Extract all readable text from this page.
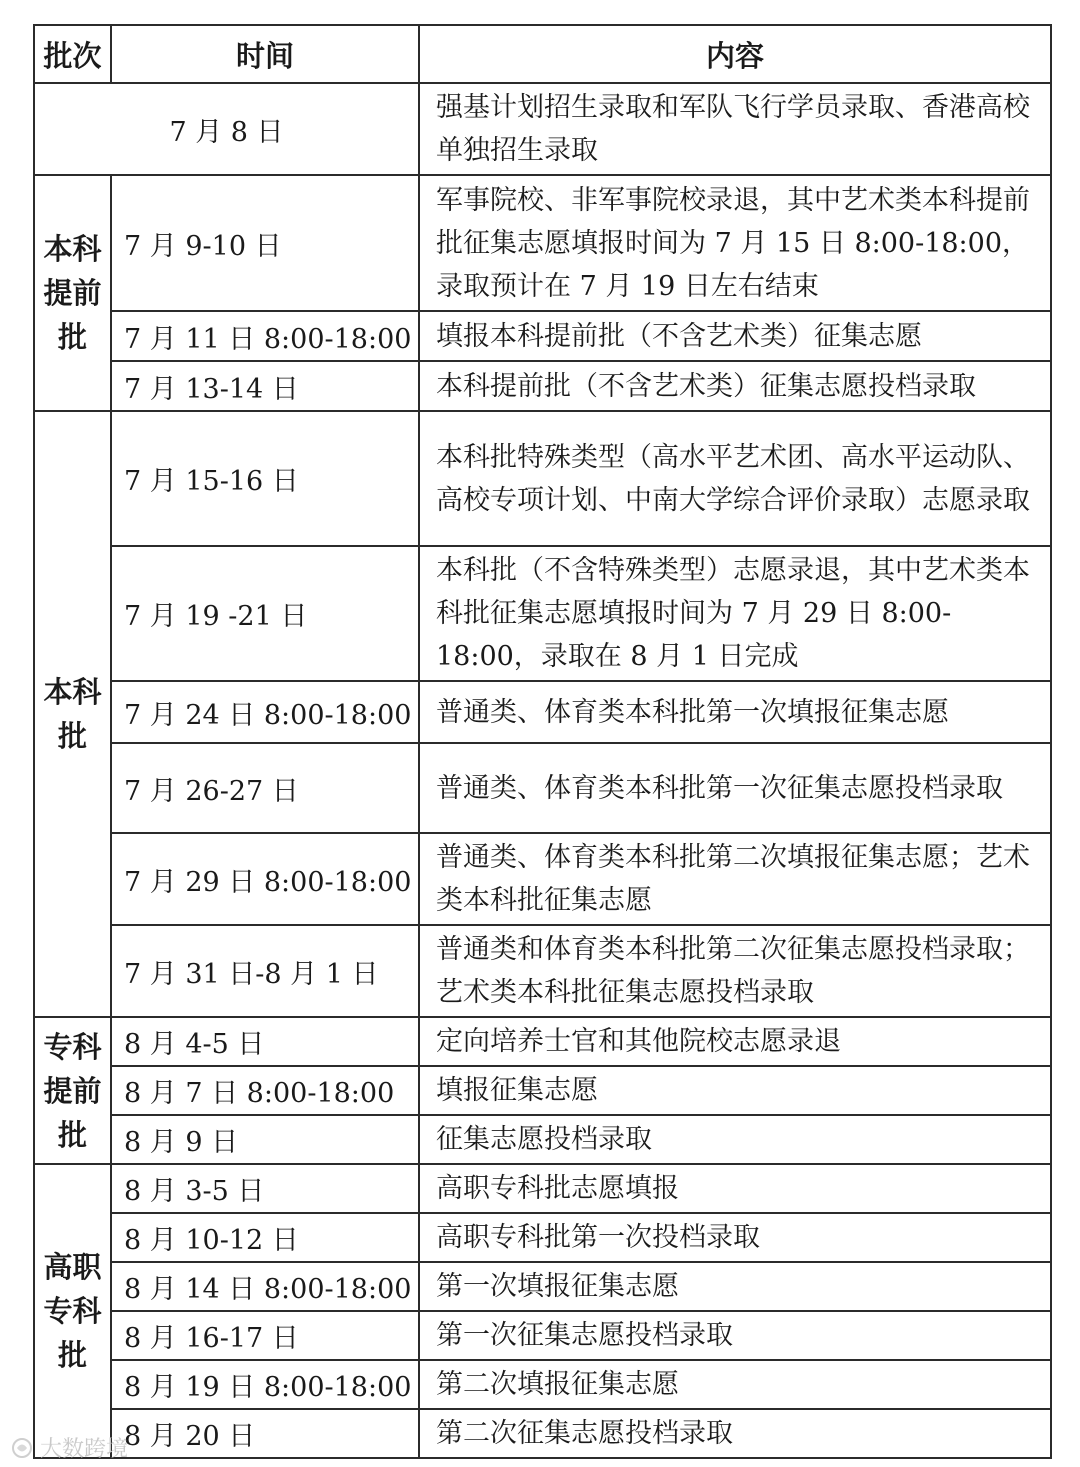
批次	时间	内容
7 月 8 日		强基计划招生录取和军队飞行学员录取、香港高校单独招生录取
本科提前批	7 月 9-10 日	军事院校、非军事院校录退，其中艺术类本科提前批征集志愿填报时间为 7 月 15 日 8:00-18:00，录取预计在 7 月 19 日左右结束
	7 月 11 日 8:00-18:00	填报本科提前批（不含艺术类）征集志愿
	7 月 13-14 日	本科提前批（不含艺术类）征集志愿投档录取
本科批	7 月 15-16 日	本科批特殊类型（高水平艺术团、高水平运动队、高校专项计划、中南大学综合评价录取）志愿录取
	7 月 19 -21 日	本科批（不含特殊类型）志愿录退，其中艺术类本科批征集志愿填报时间为 7 月 29 日 8:00-18:00，录取在 8 月 1 日完成
	7 月 24 日 8:00-18:00	普通类、体育类本科批第一次填报征集志愿
	7 月 26-27 日	普通类、体育类本科批第一次征集志愿投档录取
	7 月 29 日 8:00-18:00	普通类、体育类本科批第二次填报征集志愿；艺术类本科批征集志愿
	7 月 31 日-8 月 1 日	普通类和体育类本科批第二次征集志愿投档录取；艺术类本科批征集志愿投档录取
专科提前批	8 月 4-5 日	定向培养士官和其他院校志愿录退
	8 月 7 日 8:00-18:00	填报征集志愿
	8 月 9 日	征集志愿投档录取
高职专科批	8 月 3-5 日	高职专科批志愿填报
	8 月 10-12 日	高职专科批第一次投档录取
	8 月 14 日 8:00-18:00	第一次填报征集志愿
	8 月 16-17 日	第一次征集志愿投档录取
	8 月 19 日 8:00-18:00	第二次填报征集志愿
	8 月 20 日	第二次征集志愿投档录取
大数跨境
